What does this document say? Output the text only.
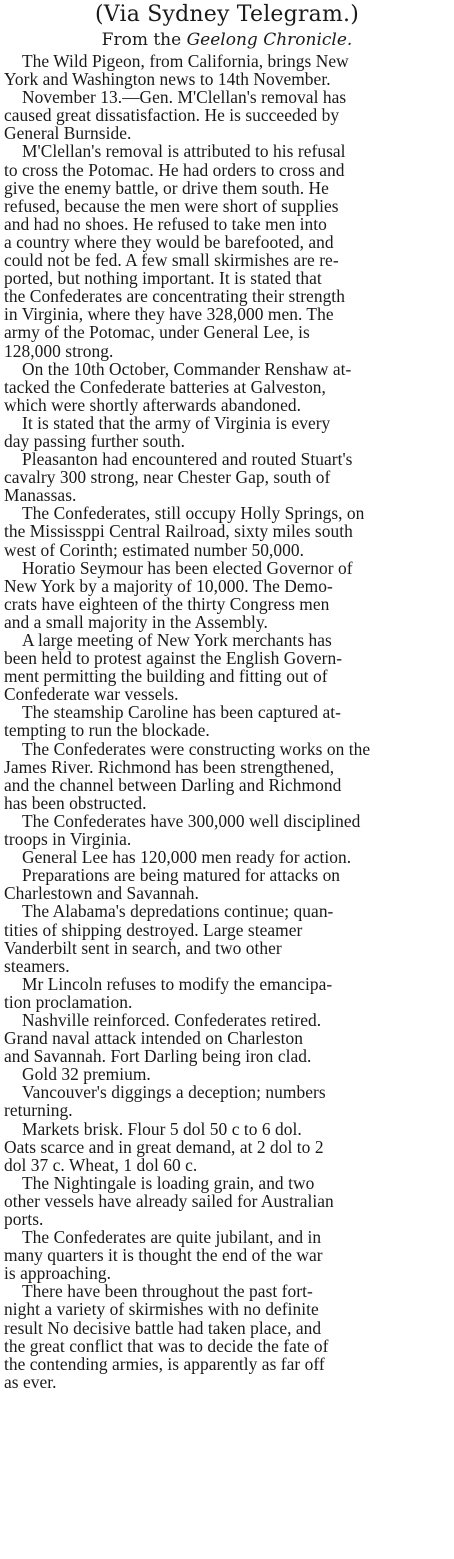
(Via Sydney Telegram.)
From the Geelong Chronicle.

The Wild Pigeon, from California, brings New
York and Washington news to 14th November.

November 13.—Gen. M'Clellan's removal has
caused great dissatisfaction. He is succeeded by
General Burnside.

M'Clellan's removal is attributed to his refusal
to cross the Potomac. He had orders to cross and
give the enemy battle, or drive them south. He
refused, because the men were short of supplies
and had no shoes. He refused to take men into
a country where they would be barefooted, and
could not be fed. A few small skirmishes are re-
ported, but nothing important. It is stated that
the Confederates are concentrating their strength
in Virginia, where they have 328,000 men. The
army of the Potomac, under General Lee, is
128,000 strong.

On the 10th October, Commander Renshaw at-
tacked the Confederate batteries at Galveston,
which were shortly afterwards abandoned.

It is stated that the army of Virginia is every
day passing further south.

Pleasanton had encountered and routed Stuart's
cavalry 300 strong, near Chester Gap, south of
Manassas.

The Confederates, still occupy Holly Springs, on
the Mississppi Central Railroad, sixty miles south
west of Corinth; estimated number 50,000.

Horatio Seymour has been elected Governor of
New York by a majority of 10,000. The Demo-
crats have eighteen of the thirty Congress men
and a small majority in the Assembly.

A large meeting of New York merchants has
been held to protest against the English Govern-
ment permitting the building and fitting out of
Confederate war vessels.

The steamship Caroline has been captured at-
tempting to run the blockade.

The Confederates were constructing works on the
James River. Richmond has been strengthened,
and the channel between Darling and Richmond
has been obstructed.

The Confederates have 300,000 well disciplined
troops in Virginia.

General Lee has 120,000 men ready for action.

Preparations are being matured for attacks on
Charlestown and Savannah.

The Alabama's depredations continue; quan-
tities of shipping destroyed. Large steamer
Vanderbilt sent in search, and two other
steamers.

Mr Lincoln refuses to modify the emancipa-
tion proclamation.

Nashville reinforced. Confederates retired.
Grand naval attack intended on Charleston
and Savannah. Fort Darling being iron clad.

Gold 32 premium.

Vancouver's diggings a deception; numbers
returning.

Markets brisk. Flour 5 dol 50 c to 6 dol.
Oats scarce and in great demand, at 2 dol to 2
dol 37 c. Wheat, 1 dol 60 c.

The Nightingale is loading grain, and two
other vessels have already sailed for Australian
ports.

The Confederates are quite jubilant, and in
many quarters it is thought the end of the war
is approaching.

There have been throughout the past fort-
night a variety of skirmishes with no definite
result No decisive battle had taken place, and
the great conflict that was to decide the fate of
the contending armies, is apparently as far off
as ever.
